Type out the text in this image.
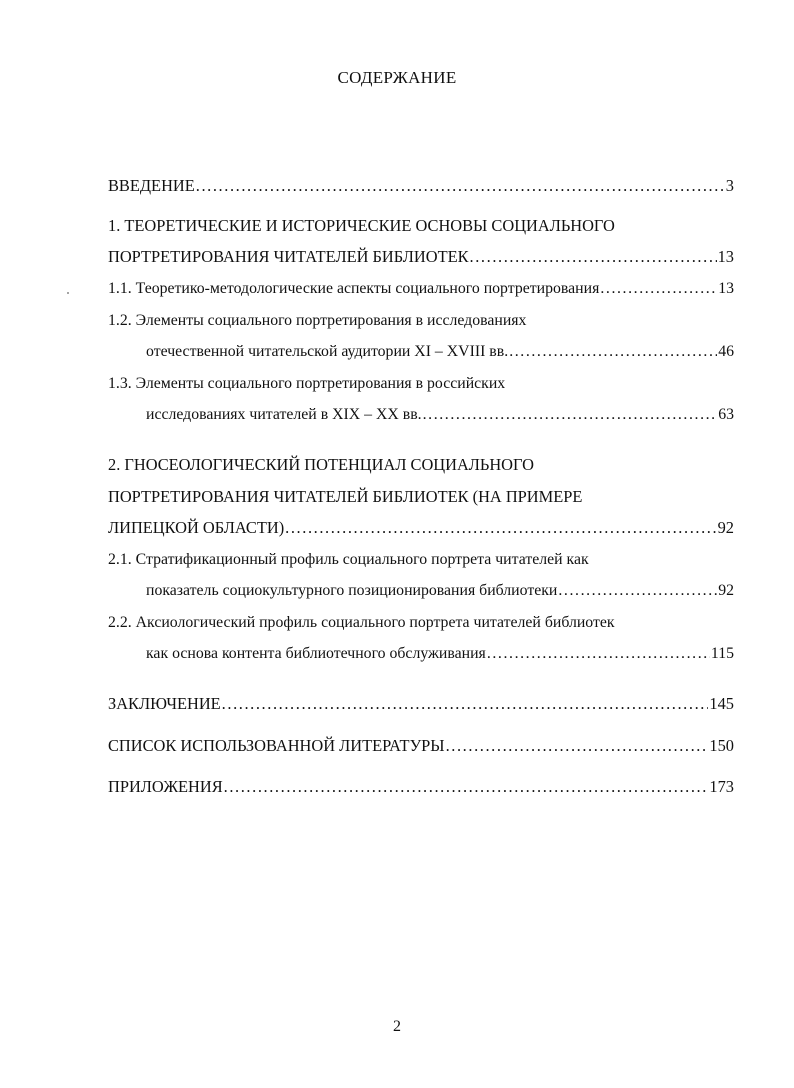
СОДЕРЖАНИЕ
ВВЕДЕНИЕ .....	3
1. ТЕОРЕТИЧЕСКИЕ И ИСТОРИЧЕСКИЕ ОСНОВЫ СОЦИАЛЬНОГО
ПОРТРЕТИРОВАНИЯ ЧИТАТЕЛЕЙ БИБЛИОТЕК .....	13
1.1. Теоретико-методологические аспекты социального портретирования .....	13
1.2. Элементы социального портретирования в исследованиях
отечественной читательской аудитории XI – XVIII вв. .....	46
1.3. Элементы социального портретирования в российских
исследованиях читателей в XIX – XX вв. .....	63
2. ГНОСЕОЛОГИЧЕСКИЙ ПОТЕНЦИАЛ СОЦИАЛЬНОГО
ПОРТРЕТИРОВАНИЯ ЧИТАТЕЛЕЙ БИБЛИОТЕК (НА ПРИМЕРЕ
ЛИПЕЦКОЙ ОБЛАСТИ) .....	92
2.1. Стратификационный профиль социального портрета читателей как
показатель социокультурного позиционирования библиотеки .....	92
2.2. Аксиологический профиль социального портрета читателей библиотек
как основа контента библиотечного обслуживания .....	115
ЗАКЛЮЧЕНИЕ .....	145
СПИСОК ИСПОЛЬЗОВАННОЙ ЛИТЕРАТУРЫ .....	150
ПРИЛОЖЕНИЯ .....	173
2
